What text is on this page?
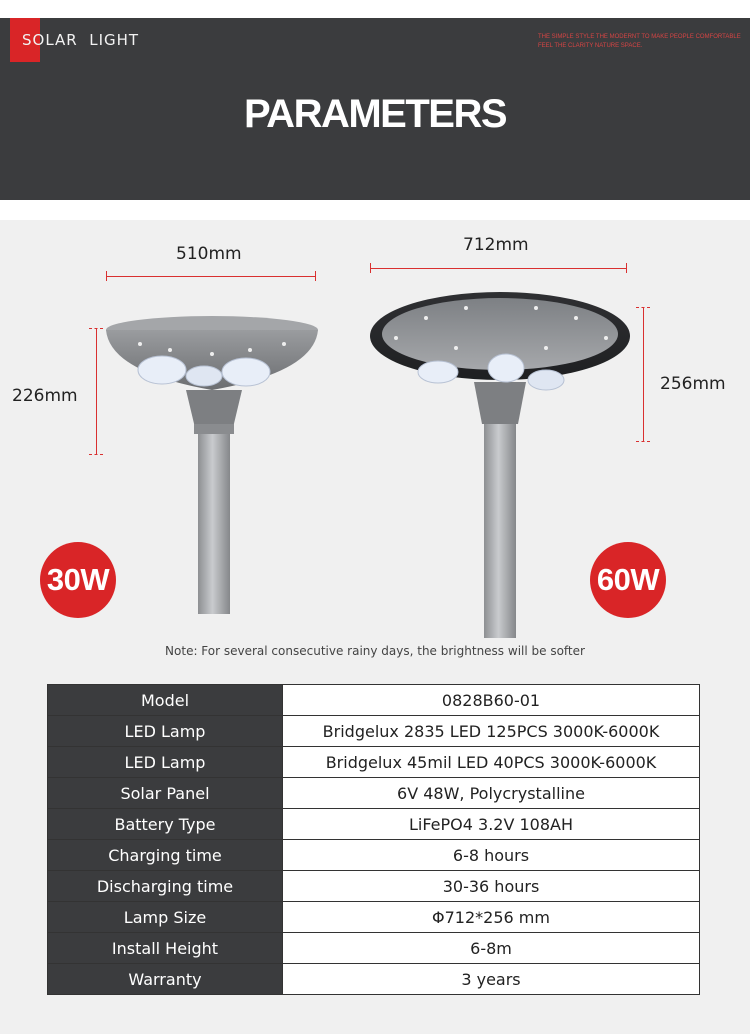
SOLAR  LIGHT	THE SIMPLE STYLE THE MODERNT TO MAKE PEOPLE COMFORTABLE FEEL THE CLARITY NATURE SPACE.
PARAMETERS
510mm
226mm
712mm
256mm
30W	60W
Note: For several consecutive rainy days, the brightness will be softer
Model	0828B60-01
LED Lamp	Bridgelux 2835 LED 125PCS 3000K-6000K
LED Lamp	Bridgelux 45mil LED 40PCS 3000K-6000K
Solar Panel	6V 48W, Polycrystalline
Battery Type	LiFePO4 3.2V 108AH
Charging time	6-8 hours
Discharging time	30-36 hours
Lamp Size	Φ712*256 mm
Install Height	6-8m
Warranty	3 years
